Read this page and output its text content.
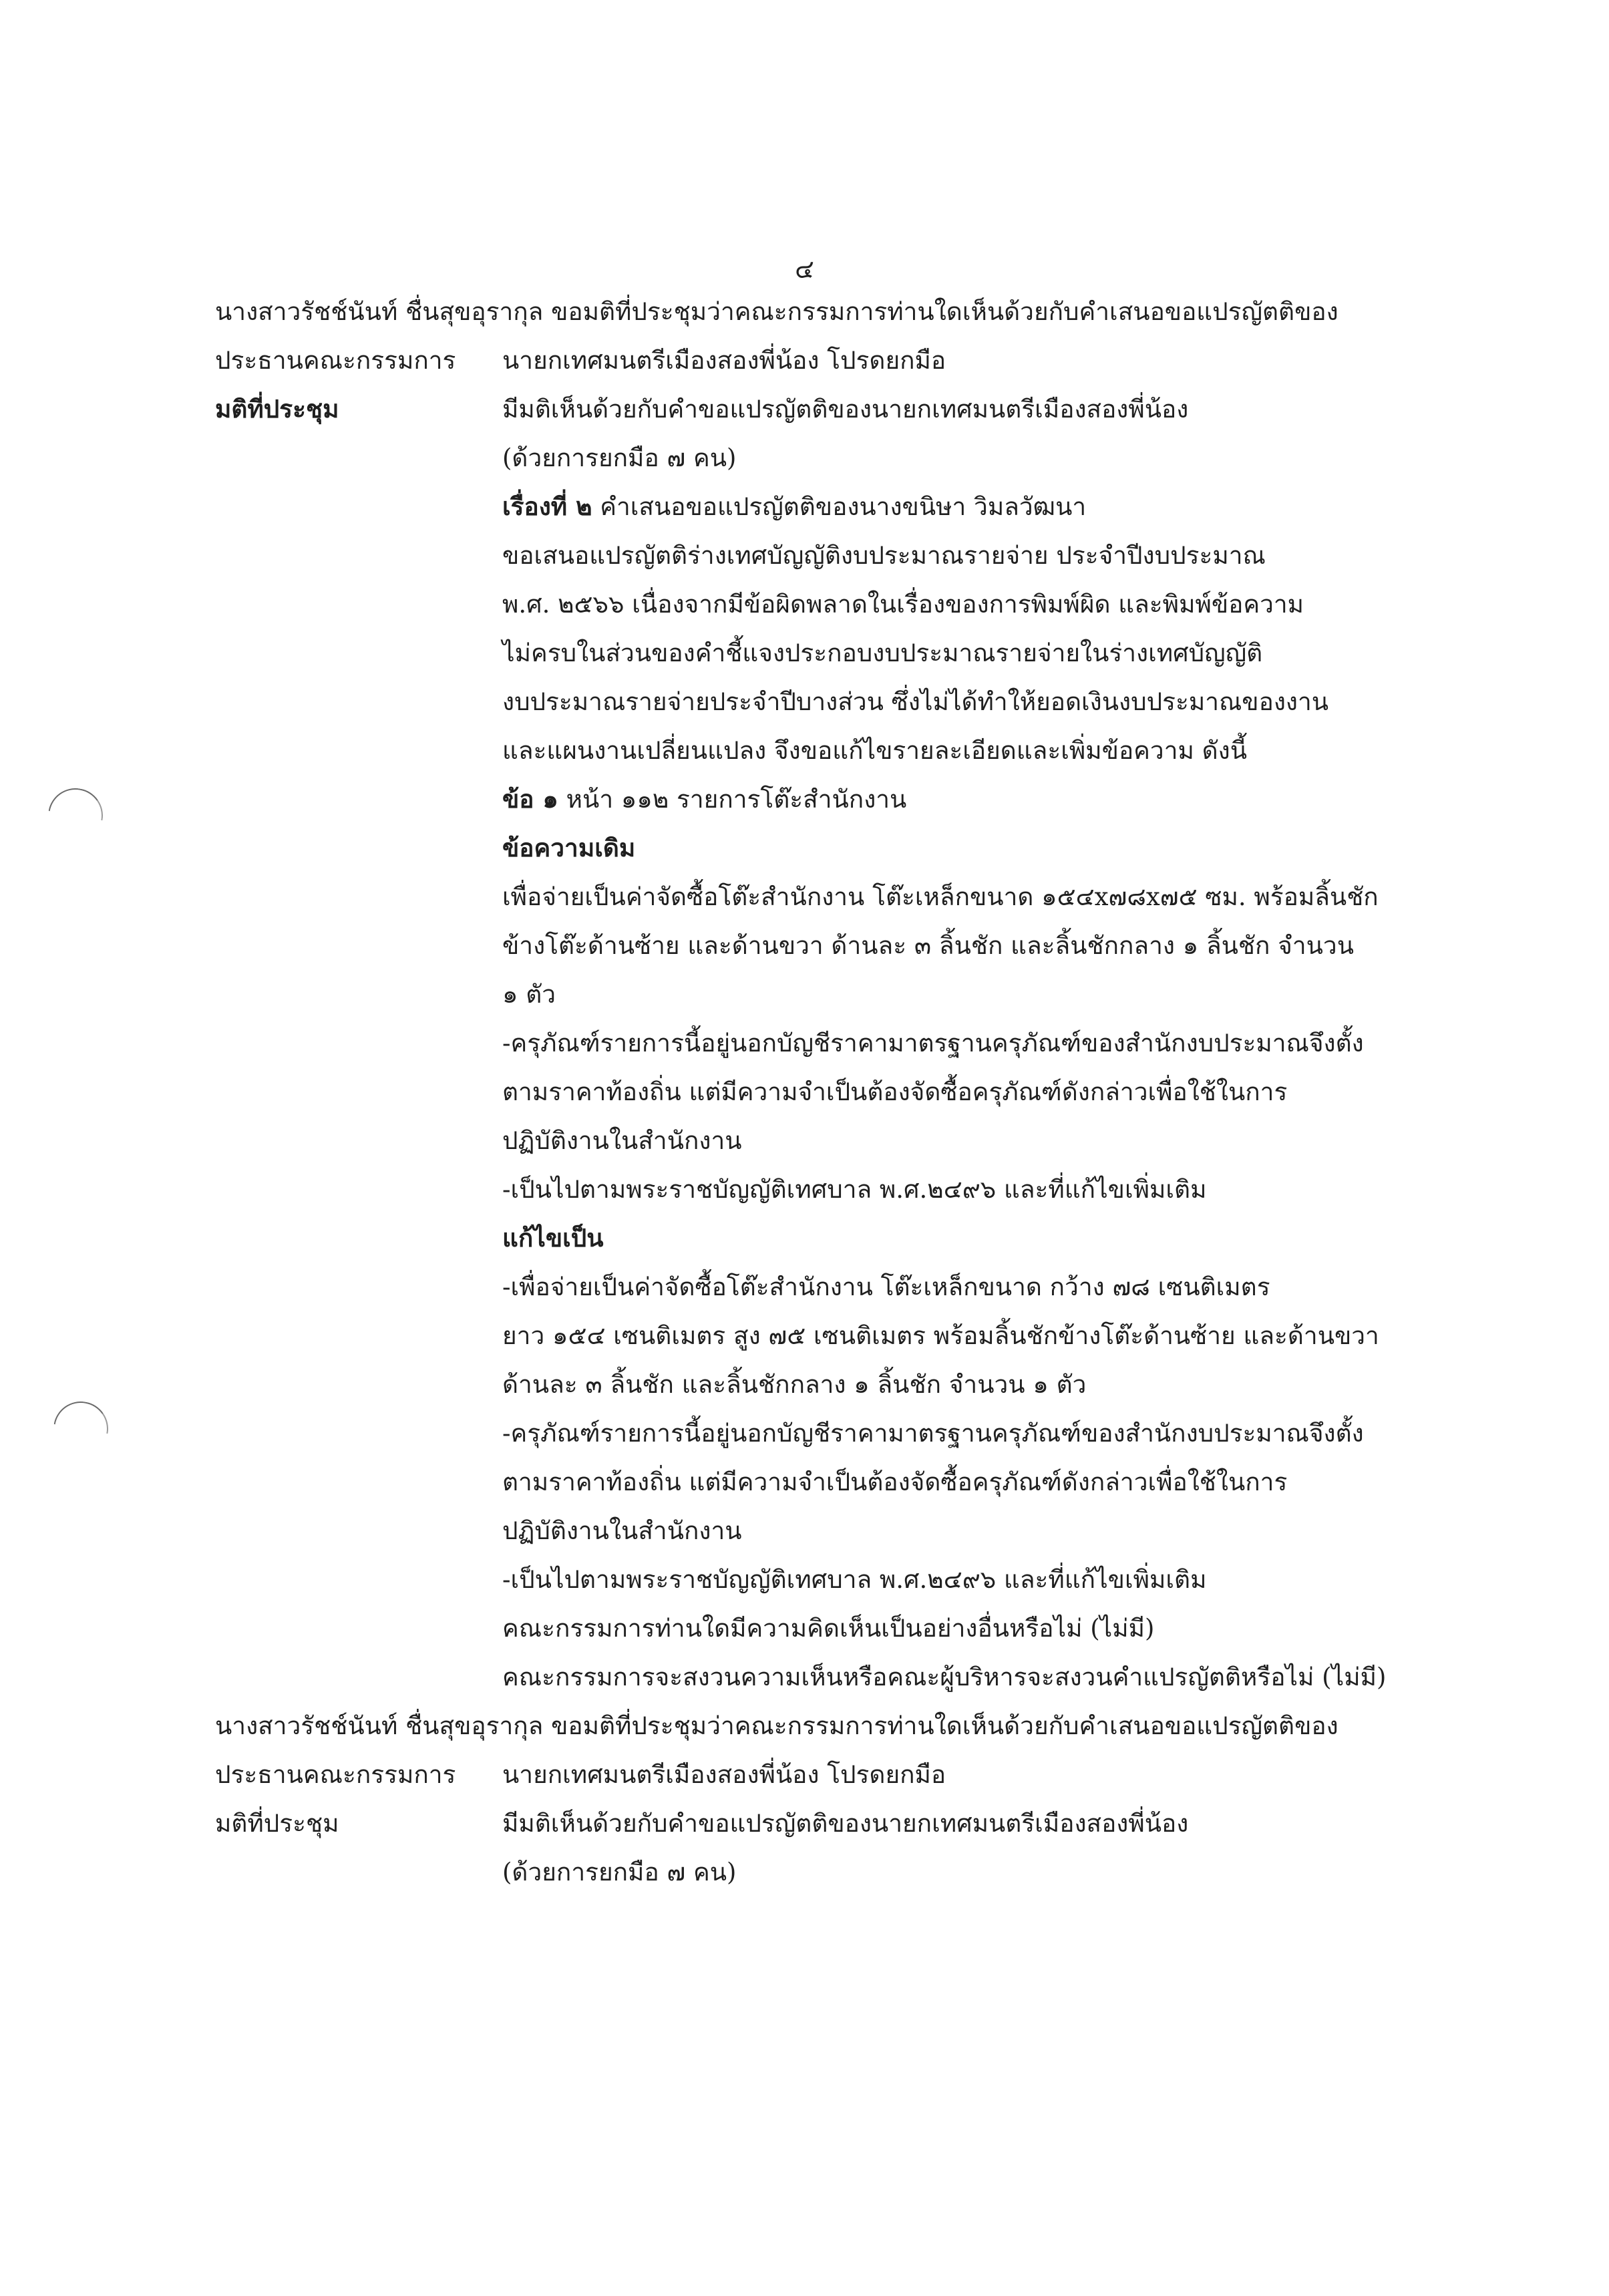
๔
นางสาวรัชช์นันท์ ชื่นสุขอุรากุล ขอมติที่ประชุมว่าคณะกรรมการท่านใดเห็นด้วยกับคำเสนอขอแปรญัตติของ
ประธานคณะกรรมการ	นายกเทศมนตรีเมืองสองพี่น้อง โปรดยกมือ
มติที่ประชุม	มีมติเห็นด้วยกับคำขอแปรญัตติของนายกเทศมนตรีเมืองสองพี่น้อง
(ด้วยการยกมือ ๗ คน)
เรื่องที่ ๒ คำเสนอขอแปรญัตติของนางขนิษา วิมลวัฒนา
ขอเสนอแปรญัตติร่างเทศบัญญัติงบประมาณรายจ่าย ประจำปีงบประมาณ
พ.ศ. ๒๕๖๖ เนื่องจากมีข้อผิดพลาดในเรื่องของการพิมพ์ผิด และพิมพ์ข้อความ
ไม่ครบในส่วนของคำชี้แจงประกอบงบประมาณรายจ่ายในร่างเทศบัญญัติ
งบประมาณรายจ่ายประจำปีบางส่วน ซึ่งไม่ได้ทำให้ยอดเงินงบประมาณของงาน
และแผนงานเปลี่ยนแปลง จึงขอแก้ไขรายละเอียดและเพิ่มข้อความ ดังนี้
ข้อ ๑ หน้า ๑๑๒ รายการโต๊ะสำนักงาน
ข้อความเดิม
เพื่อจ่ายเป็นค่าจัดซื้อโต๊ะสำนักงาน โต๊ะเหล็กขนาด ๑๕๔x๗๘x๗๕ ซม. พร้อมลิ้นชัก
ข้างโต๊ะด้านซ้าย และด้านขวา ด้านละ ๓ ลิ้นชัก และลิ้นชักกลาง ๑ ลิ้นชัก จำนวน
๑ ตัว
-ครุภัณฑ์รายการนี้อยู่นอกบัญชีราคามาตรฐานครุภัณฑ์ของสำนักงบประมาณจึงตั้ง
ตามราคาท้องถิ่น แต่มีความจำเป็นต้องจัดซื้อครุภัณฑ์ดังกล่าวเพื่อใช้ในการ
ปฏิบัติงานในสำนักงาน
-เป็นไปตามพระราชบัญญัติเทศบาล พ.ศ.๒๔๙๖ และที่แก้ไขเพิ่มเติม
แก้ไขเป็น
-เพื่อจ่ายเป็นค่าจัดซื้อโต๊ะสำนักงาน โต๊ะเหล็กขนาด กว้าง ๗๘ เซนติเมตร
ยาว ๑๕๔ เซนติเมตร สูง ๗๕ เซนติเมตร พร้อมลิ้นชักข้างโต๊ะด้านซ้าย และด้านขวา
ด้านละ ๓ ลิ้นชัก และลิ้นชักกลาง ๑ ลิ้นชัก จำนวน ๑ ตัว
-ครุภัณฑ์รายการนี้อยู่นอกบัญชีราคามาตรฐานครุภัณฑ์ของสำนักงบประมาณจึงตั้ง
ตามราคาท้องถิ่น แต่มีความจำเป็นต้องจัดซื้อครุภัณฑ์ดังกล่าวเพื่อใช้ในการ
ปฏิบัติงานในสำนักงาน
-เป็นไปตามพระราชบัญญัติเทศบาล พ.ศ.๒๔๙๖ และที่แก้ไขเพิ่มเติม
คณะกรรมการท่านใดมีความคิดเห็นเป็นอย่างอื่นหรือไม่ (ไม่มี)
คณะกรรมการจะสงวนความเห็นหรือคณะผู้บริหารจะสงวนคำแปรญัตติหรือไม่ (ไม่มี)
นางสาวรัชช์นันท์ ชื่นสุขอุรากุล ขอมติที่ประชุมว่าคณะกรรมการท่านใดเห็นด้วยกับคำเสนอขอแปรญัตติของ
ประธานคณะกรรมการ	นายกเทศมนตรีเมืองสองพี่น้อง โปรดยกมือ
มติที่ประชุม	มีมติเห็นด้วยกับคำขอแปรญัตติของนายกเทศมนตรีเมืองสองพี่น้อง
(ด้วยการยกมือ ๗ คน)
